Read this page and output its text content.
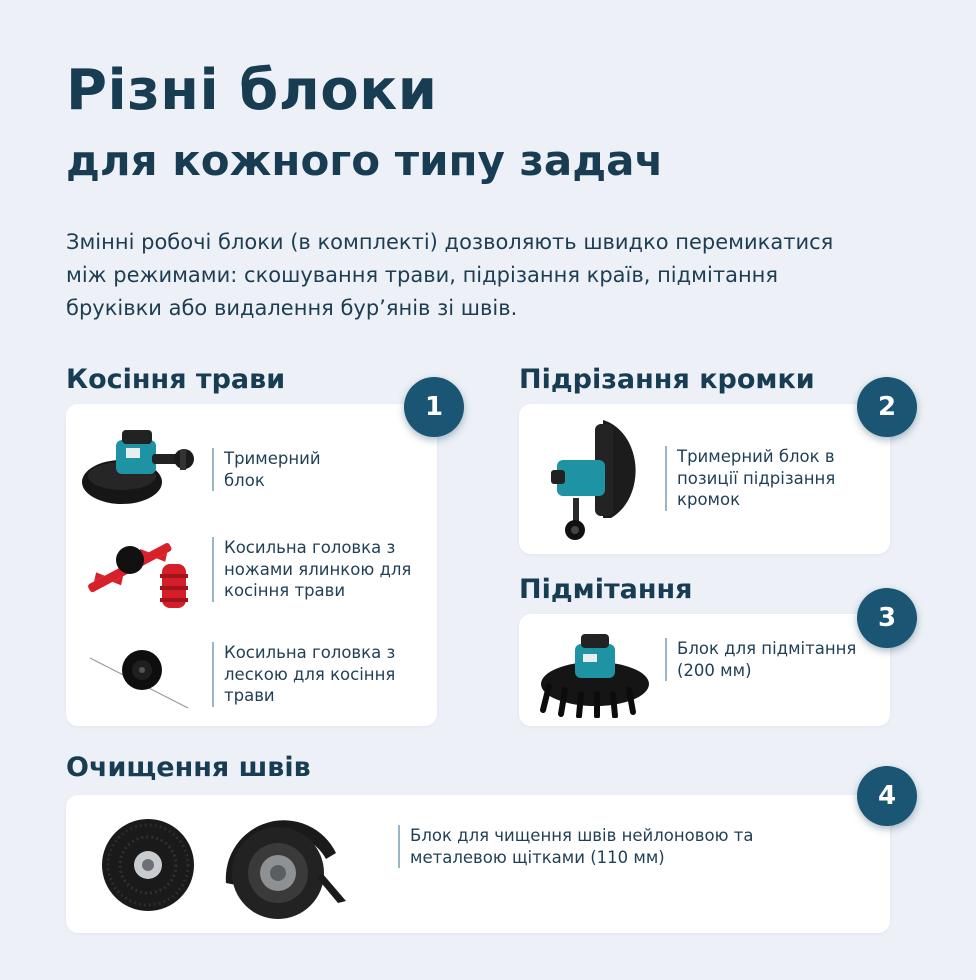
Різні блоки
для кожного типу задач

Змінні робочі блоки (в комплекті) дозволяють швидко перемикатися між режимами: скошування трави, підрізання країв, підмітання бруківки або видалення бур’янів зі швів.

Косіння трави
Тримерний блок
Косильна головка з ножами ялинкою для косіння трави
Косильна головка з лескою для косіння трави
1
Підрізання кромки
Тримерний блок в позиції підрізання кромок
2
Підмітання
Блок для підмітання (200 мм)
3
Очищення швів
Блок для чищення швів нейлоновою та металевою щітками (110 мм)
4
